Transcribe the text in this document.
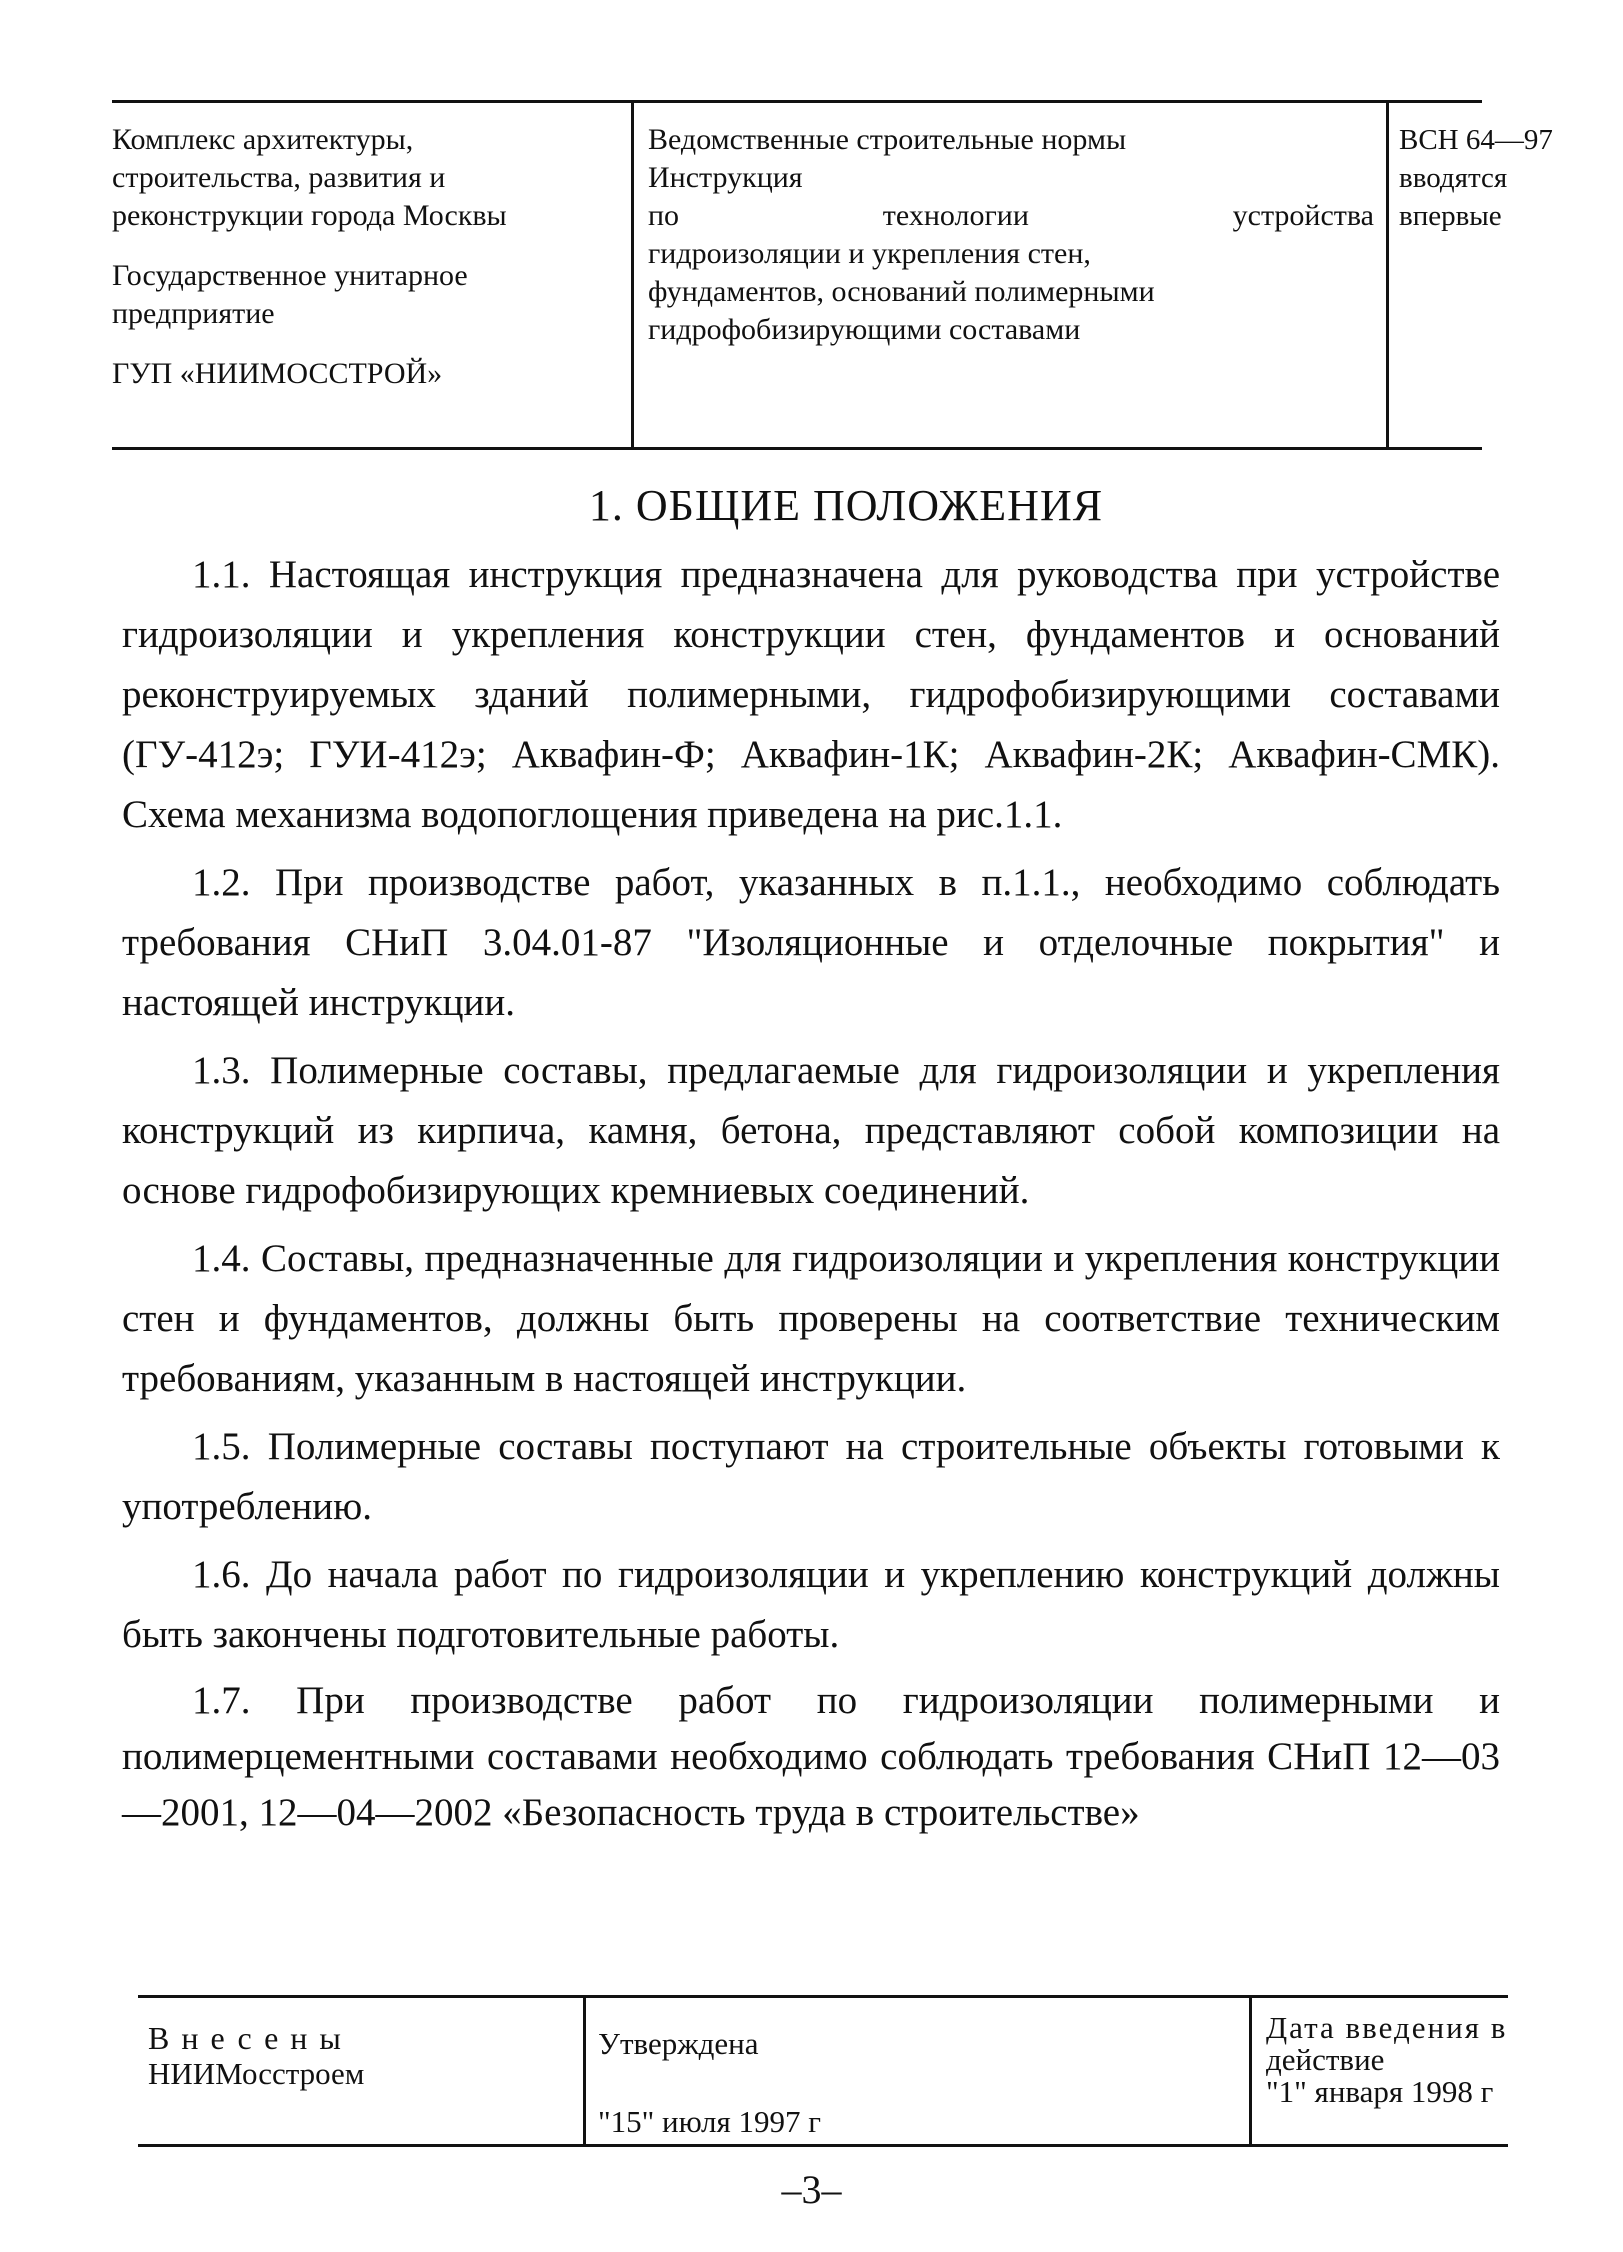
Комплекс архитектуры,
строительства, развития и
реконструкции города Москвы
Государственное унитарное
предприятие
ГУП «НИИМОССТРОЙ»
Ведомственные строительные нормы
Инструкция
по технологии устройства
гидроизоляции и укрепления стен,
фундаментов, оснований полимерными
гидрофобизирующими составами
ВСН 64—97
вводятся
впервые
1. ОБЩИЕ ПОЛОЖЕНИЯ

1.1. Настоящая инструкция предназначена для руководства при устройстве гидроизоляции и укрепления конструкции стен, фундаментов и оснований реконструируемых зданий полимерными, гидрофобизирующими составами (ГУ-412э; ГУИ-412э; Аквафин-Ф; Аквафин-1К; Аквафин-2К; Аквафин-СМК). Схема механизма водопоглощения приведена на рис.1.1.

1.2. При производстве работ, указанных в п.1.1., необходимо соблюдать требования СНиП 3.04.01-87 "Изоляционные и отделочные покрытия" и настоящей инструкции.

1.3. Полимерные составы, предлагаемые для гидроизоляции и укрепления конструкций из кирпича, камня, бетона, представляют собой композиции на основе гидрофобизирующих кремниевых соединений.

1.4. Составы, предназначенные для гидроизоляции и укрепления конструкции стен и фундаментов, должны быть проверены на соответствие техническим требованиям, указанным в настоящей инструкции.

1.5. Полимерные составы поступают на строительные объекты готовыми к употреблению.

1.6. До начала работ по гидроизоляции и укреплению конструкций должны быть закончены подготовительные работы.

1.7. При производстве работ по гидроизоляции полимерными и полимерцементными составами необходимо соблюдать требования СНиП 12—03—2001, 12—04—2002 «Безопасность труда в строительстве»

Внесены
НИИМосстроем
Утверждена
"15" июля 1997 г
Дата введения в
действие
"1" января 1998 г
–3–
